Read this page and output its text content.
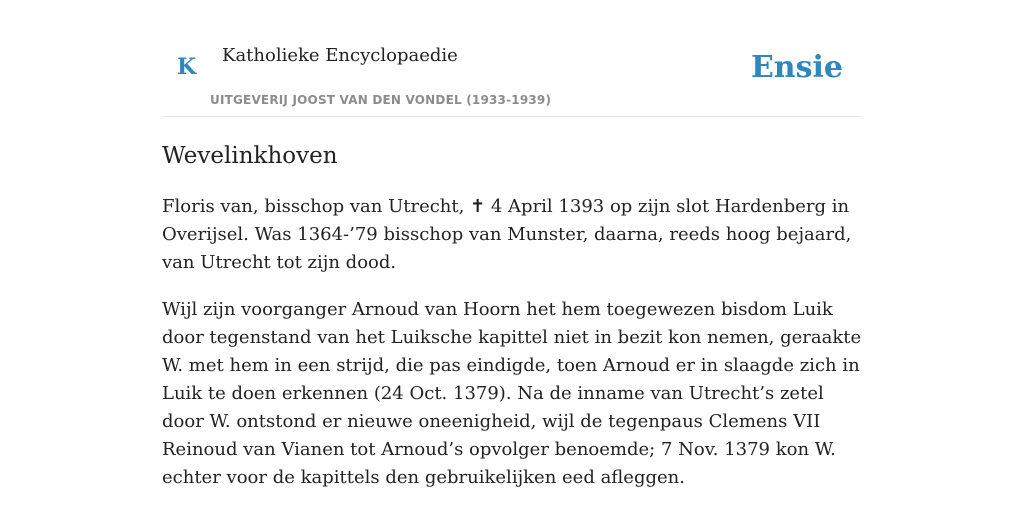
K Katholieke Encyclopaedie
UITGEVERIJ JOOST VAN DEN VONDEL (1933-1939)
Ensie
Wevelinkhoven

Floris van, bisschop van Utrecht, ✝ 4 April 1393 op zijn slot Hardenberg in Overijsel. Was 1364-’79 bisschop van Munster, daarna, reeds hoog bejaard, van Utrecht tot zijn dood.

Wijl zijn voorganger Arnoud van Hoorn het hem toegewezen bisdom Luik door tegenstand van het Luiksche kapittel niet in bezit kon nemen, geraakte W. met hem in een strijd, die pas eindigde, toen Arnoud er in slaagde zich in Luik te doen erkennen (24 Oct. 1379). Na de inname van Utrecht’s zetel door W. ontstond er nieuwe oneenigheid, wijl de tegenpaus Clemens VII Reinoud van Vianen tot Arnoud’s opvolger benoemde; 7 Nov. 1379 kon W. echter voor de kapittels den gebruikelijken eed afleggen.
